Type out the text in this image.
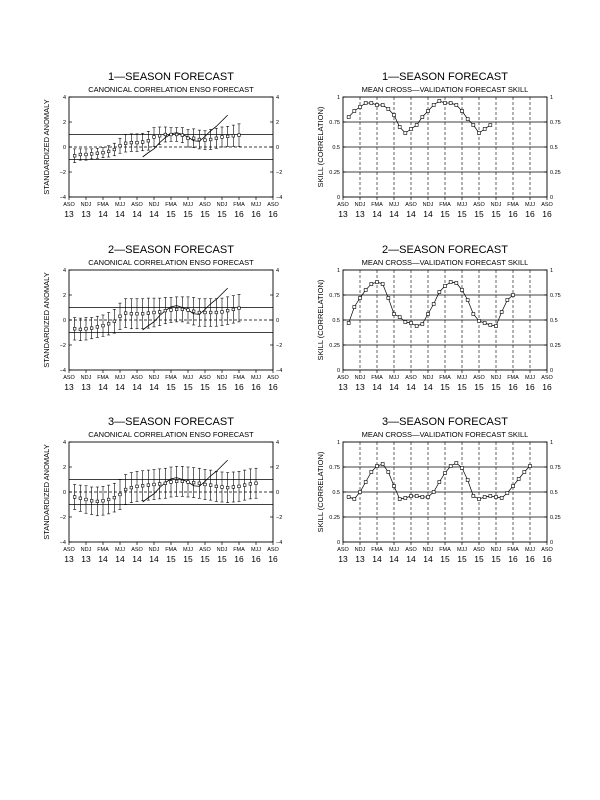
1—SEASON FORECAST
CANONICAL CORRELATION ENSO FORECAST
4	4
2	2
0	0
−2	−2
−4	−4
STANDARDIZED ANOMALY
ASO
13
NDJ
13
FMA
14
MJJ
14
ASO
14
NDJ
14
FMA
15
MJJ
15
ASO
15
NDJ
15
FMA
16
MJJ
16
ASO
16
1—SEASON FORECAST
MEAN CROSS—VALIDATION FORECAST SKILL
1	1
0.75	0.75
0.5	0.5
0.25	0.25
0	0
SKILL (CORRELATION)
ASO
13
NDJ
13
FMA
14
MJJ
14
ASO
14
NDJ
14
FMA
15
MJJ
15
ASO
15
NDJ
15
FMA
16
MJJ
16
ASO
16
2—SEASON FORECAST
CANONICAL CORRELATION ENSO FORECAST
4	4
2	2
0	0
−2	−2
−4	−4
STANDARDIZED ANOMALY
ASO
13
NDJ
13
FMA
14
MJJ
14
ASO
14
NDJ
14
FMA
15
MJJ
15
ASO
15
NDJ
15
FMA
16
MJJ
16
ASO
16
2—SEASON FORECAST
MEAN CROSS—VALIDATION FORECAST SKILL
1	1
0.75	0.75
0.5	0.5
0.25	0.25
0	0
SKILL (CORRELATION)
ASO
13
NDJ
13
FMA
14
MJJ
14
ASO
14
NDJ
14
FMA
15
MJJ
15
ASO
15
NDJ
15
FMA
16
MJJ
16
ASO
16
3—SEASON FORECAST
CANONICAL CORRELATION ENSO FORECAST
4	4
2	2
0	0
−2	−2
−4	−4
STANDARDIZED ANOMALY
ASO
13
NDJ
13
FMA
14
MJJ
14
ASO
14
NDJ
14
FMA
15
MJJ
15
ASO
15
NDJ
15
FMA
16
MJJ
16
ASO
16
3—SEASON FORECAST
MEAN CROSS—VALIDATION FORECAST SKILL
1	1
0.75	0.75
0.5	0.5
0.25	0.25
0	0
SKILL (CORRELATION)
ASO
13
NDJ
13
FMA
14
MJJ
14
ASO
14
NDJ
14
FMA
15
MJJ
15
ASO
15
NDJ
15
FMA
16
MJJ
16
ASO
16
